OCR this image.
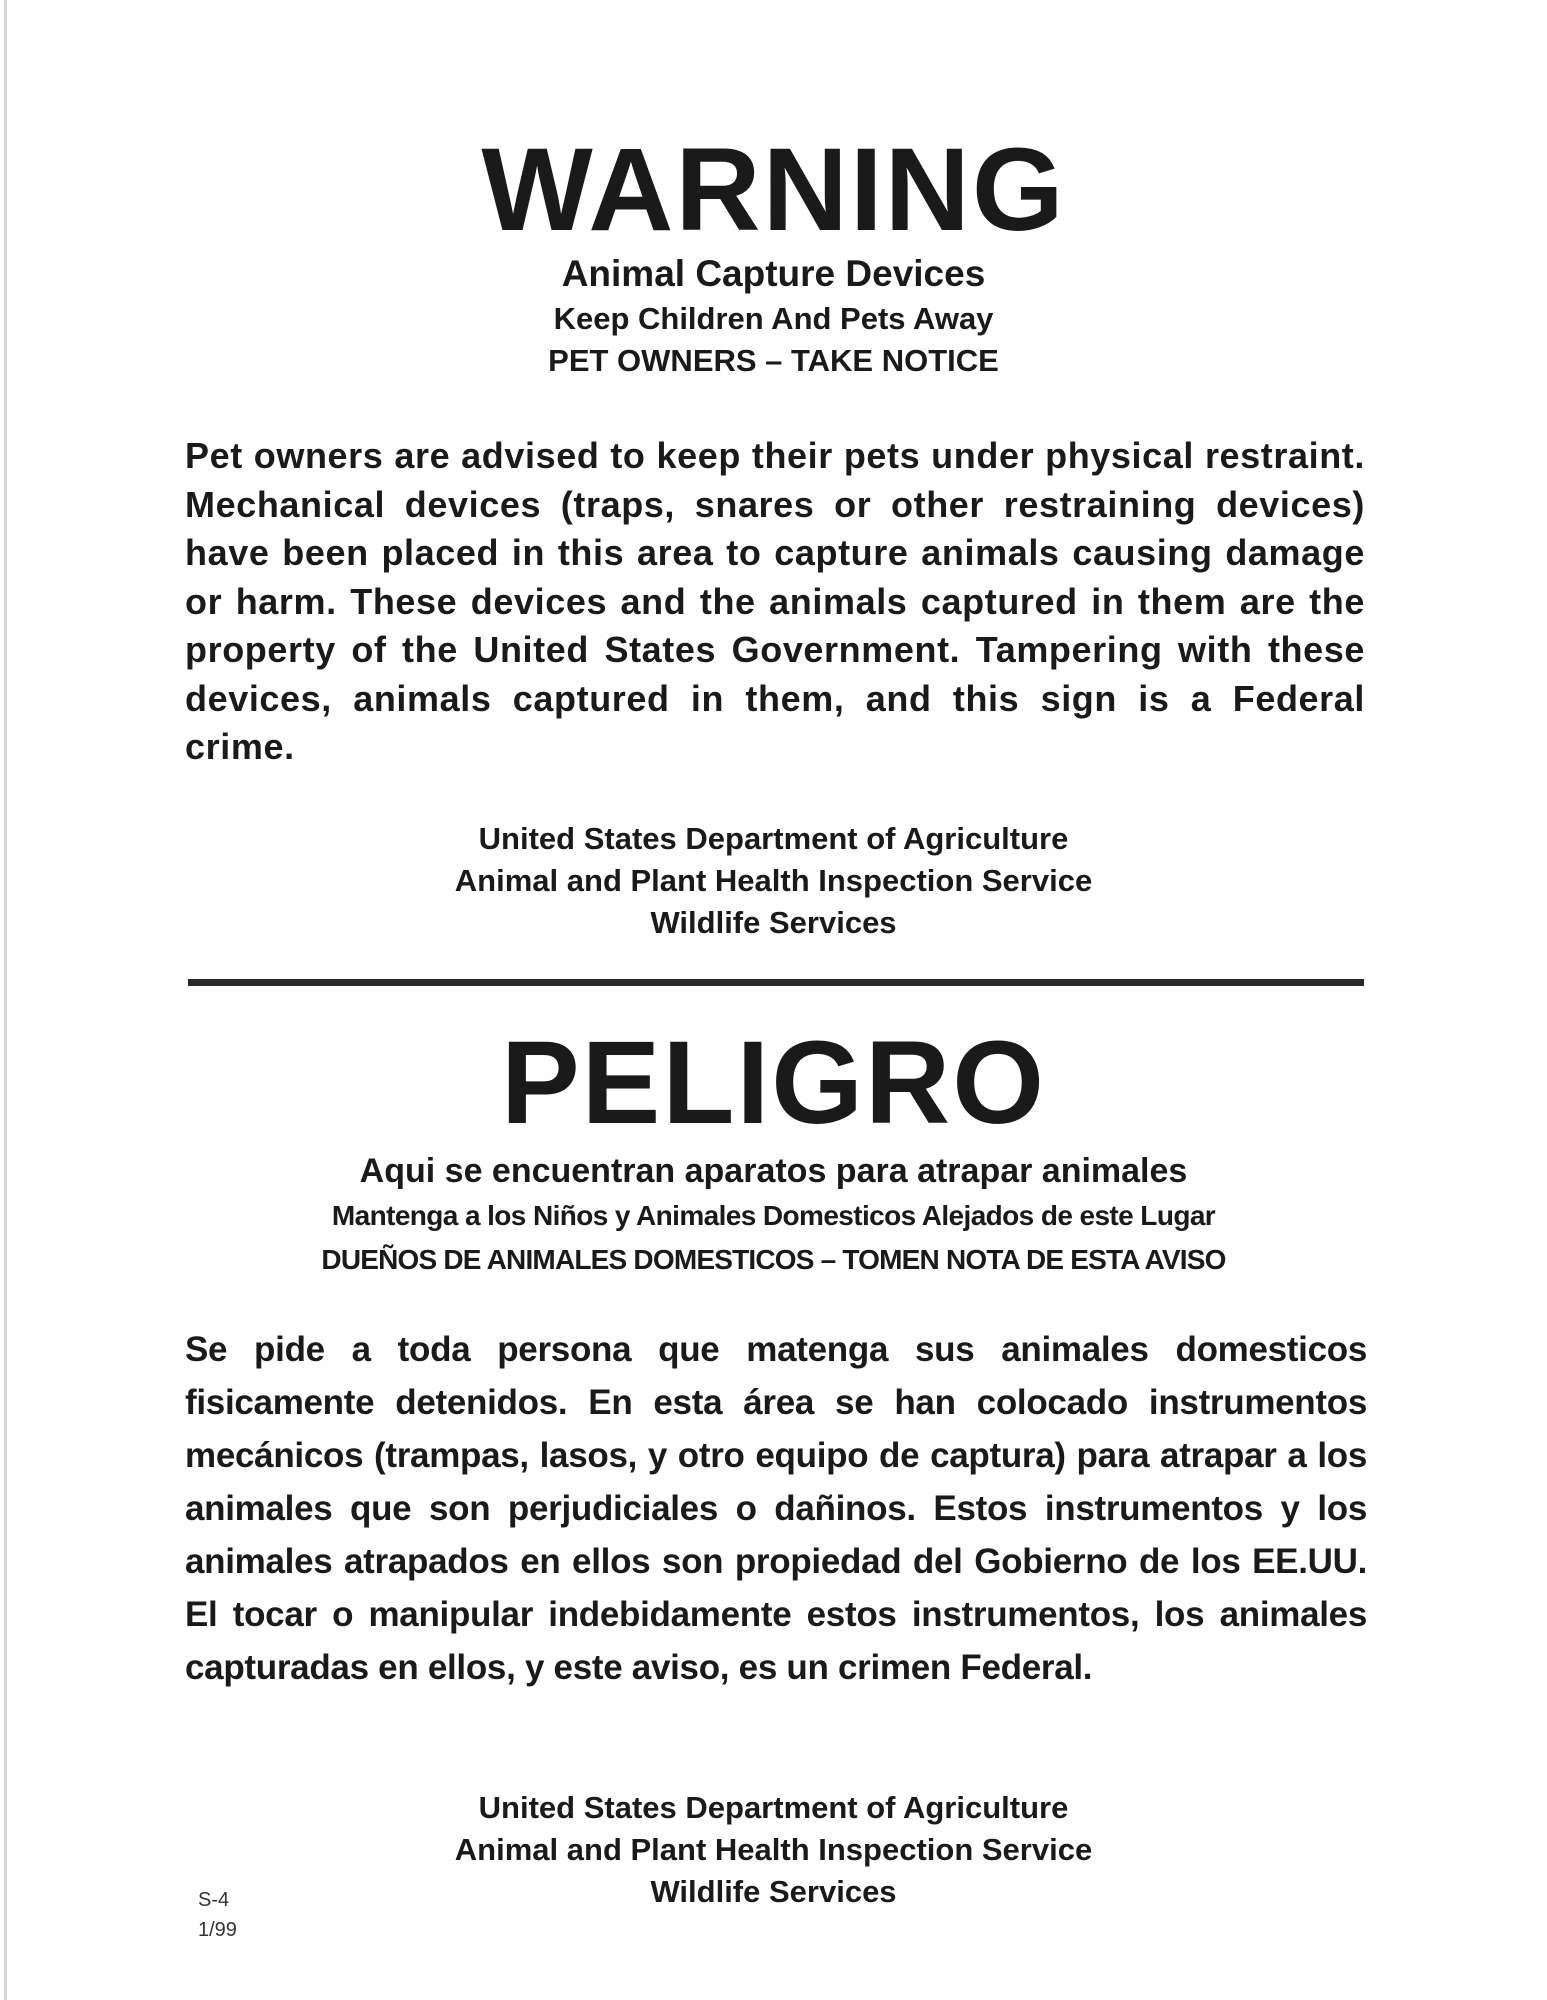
WARNING
Animal Capture Devices
Keep Children And Pets Away
PET OWNERS – TAKE NOTICE

Pet owners are advised to keep their pets under physical restraint. Mechanical devices (traps, snares or other restraining devices) have been placed in this area to capture animals causing damage or harm. These devices and the animals captured in them are the property of the United States Government. Tampering with these devices, animals captured in them, and this sign is a Federal crime.

United States Department of Agriculture
Animal and Plant Health Inspection Service
Wildlife Services
PELIGRO
Aqui se encuentran aparatos para atrapar animales
Mantenga a los Niños y Animales Domesticos Alejados de este Lugar
DUEÑOS DE ANIMALES DOMESTICOS – TOMEN NOTA DE ESTA AVISO

Se pide a toda persona que matenga sus animales domesticos fisicamente detenidos. En esta área se han colocado instrumentos mecánicos (trampas, lasos, y otro equipo de captura) para atrapar a los animales que son perjudiciales o dañinos. Estos instrumentos y los animales atrapados en ellos son propiedad del Gobierno de los EE.UU. El tocar o manipular indebidamente estos instrumentos, los animales capturadas en ellos, y este aviso, es un crimen Federal.

United States Department of Agriculture
Animal and Plant Health Inspection Service
Wildlife Services
S-4
1/99
